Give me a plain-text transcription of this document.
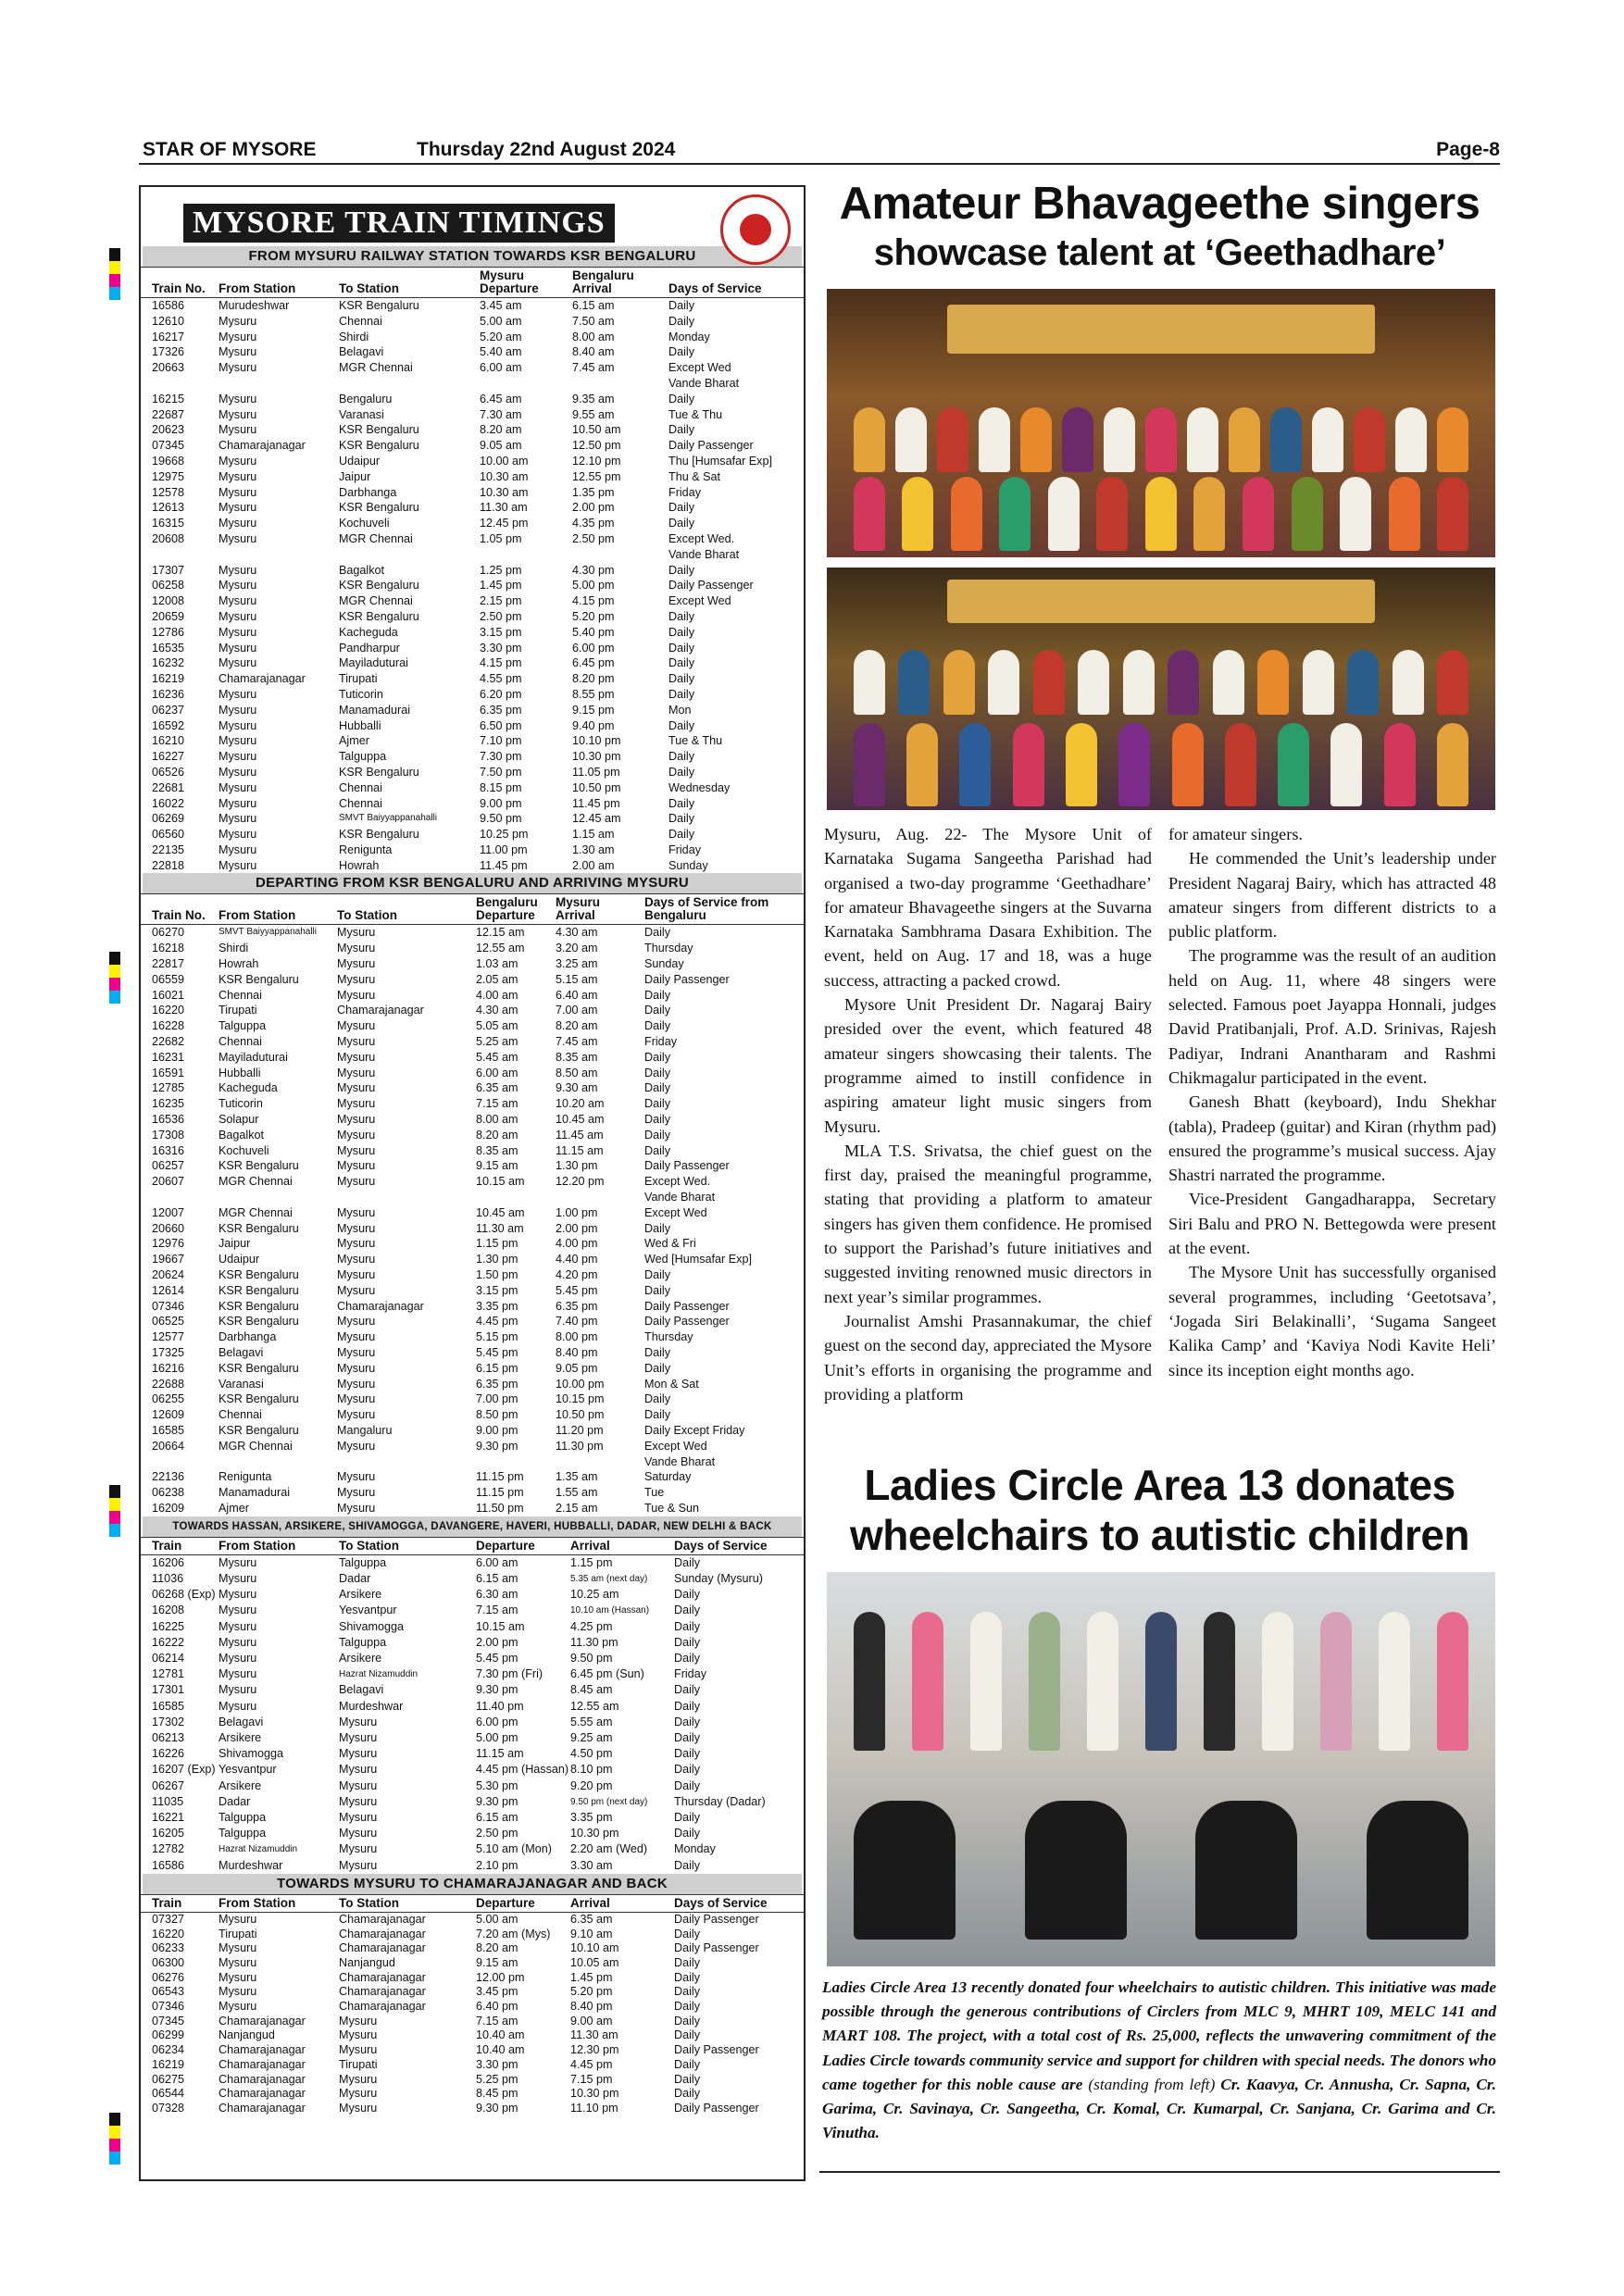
STAR OF MYSORE	Thursday 22nd August 2024	Page-8
MYSORE TRAIN TIMINGS
FROM MYSURU RAILWAY STATION TOWARDS KSR BENGALURU
Train No.	From Station	To Station	Mysuru Departure	Bengaluru Arrival	Days of Service
16586	Murudeshwar	KSR Bengaluru	3.45 am	6.15 am	Daily
12610	Mysuru	Chennai	5.00 am	7.50 am	Daily
16217	Mysuru	Shirdi	5.20 am	8.00 am	Monday
17326	Mysuru	Belagavi	5.40 am	8.40 am	Daily
20663	Mysuru	MGR Chennai	6.00 am	7.45 am	Except Wed
					Vande Bharat
16215	Mysuru	Bengaluru	6.45 am	9.35 am	Daily
22687	Mysuru	Varanasi	7.30 am	9.55 am	Tue & Thu
20623	Mysuru	KSR Bengaluru	8.20 am	10.50 am	Daily
07345	Chamarajanagar	KSR Bengaluru	9.05 am	12.50 pm	Daily Passenger
19668	Mysuru	Udaipur	10.00 am	12.10 pm	Thu [Humsafar Exp]
12975	Mysuru	Jaipur	10.30 am	12.55 pm	Thu & Sat
12578	Mysuru	Darbhanga	10.30 am	1.35 pm	Friday
12613	Mysuru	KSR Bengaluru	11.30 am	2.00 pm	Daily
16315	Mysuru	Kochuveli	12.45 pm	4.35 pm	Daily
20608	Mysuru	MGR Chennai	1.05 pm	2.50 pm	Except Wed.
					Vande Bharat
17307	Mysuru	Bagalkot	1.25 pm	4.30 pm	Daily
06258	Mysuru	KSR Bengaluru	1.45 pm	5.00 pm	Daily Passenger
12008	Mysuru	MGR Chennai	2.15 pm	4.15 pm	Except Wed
20659	Mysuru	KSR Bengaluru	2.50 pm	5.20 pm	Daily
12786	Mysuru	Kacheguda	3.15 pm	5.40 pm	Daily
16535	Mysuru	Pandharpur	3.30 pm	6.00 pm	Daily
16232	Mysuru	Mayiladuturai	4.15 pm	6.45 pm	Daily
16219	Chamarajanagar	Tirupati	4.55 pm	8.20 pm	Daily
16236	Mysuru	Tuticorin	6.20 pm	8.55 pm	Daily
06237	Mysuru	Manamadurai	6.35 pm	9.15 pm	Mon
16592	Mysuru	Hubballi	6.50 pm	9.40 pm	Daily
16210	Mysuru	Ajmer	7.10 pm	10.10 pm	Tue & Thu
16227	Mysuru	Talguppa	7.30 pm	10.30 pm	Daily
06526	Mysuru	KSR Bengaluru	7.50 pm	11.05 pm	Daily
22681	Mysuru	Chennai	8.15 pm	10.50 pm	Wednesday
16022	Mysuru	Chennai	9.00 pm	11.45 pm	Daily
06269	Mysuru	SMVT Baiyyappanahalli	9.50 pm	12.45 am	Daily
06560	Mysuru	KSR Bengaluru	10.25 pm	1.15 am	Daily
22135	Mysuru	Renigunta	11.00 pm	1.30 am	Friday
22818	Mysuru	Howrah	11.45 pm	2.00 am	Sunday
DEPARTING FROM KSR BENGALURU AND ARRIVING MYSURU
Train No.	From Station	To Station	Bengaluru Departure	Mysuru Arrival	Days of Service from Bengaluru
06270	SMVT Baiyyappanahalli	Mysuru	12.15 am	4.30 am	Daily
16218	Shirdi	Mysuru	12.55 am	3.20 am	Thursday
22817	Howrah	Mysuru	1.03 am	3.25 am	Sunday
06559	KSR Bengaluru	Mysuru	2.05 am	5.15 am	Daily Passenger
16021	Chennai	Mysuru	4.00 am	6.40 am	Daily
16220	Tirupati	Chamarajanagar	4.30 am	7.00 am	Daily
16228	Talguppa	Mysuru	5.05 am	8.20 am	Daily
22682	Chennai	Mysuru	5.25 am	7.45 am	Friday
16231	Mayiladuturai	Mysuru	5.45 am	8.35 am	Daily
16591	Hubballi	Mysuru	6.00 am	8.50 am	Daily
12785	Kacheguda	Mysuru	6.35 am	9.30 am	Daily
16235	Tuticorin	Mysuru	7.15 am	10.20 am	Daily
16536	Solapur	Mysuru	8.00 am	10.45 am	Daily
17308	Bagalkot	Mysuru	8.20 am	11.45 am	Daily
16316	Kochuveli	Mysuru	8.35 am	11.15 am	Daily
06257	KSR Bengaluru	Mysuru	9.15 am	1.30 pm	Daily Passenger
20607	MGR Chennai	Mysuru	10.15 am	12.20 pm	Except Wed.
					Vande Bharat
12007	MGR Chennai	Mysuru	10.45 am	1.00 pm	Except Wed
20660	KSR Bengaluru	Mysuru	11.30 am	2.00 pm	Daily
12976	Jaipur	Mysuru	1.15 pm	4.00 pm	Wed & Fri
19667	Udaipur	Mysuru	1.30 pm	4.40 pm	Wed [Humsafar Exp]
20624	KSR Bengaluru	Mysuru	1.50 pm	4.20 pm	Daily
12614	KSR Bengaluru	Mysuru	3.15 pm	5.45 pm	Daily
07346	KSR Bengaluru	Chamarajanagar	3.35 pm	6.35 pm	Daily Passenger
06525	KSR Bengaluru	Mysuru	4.45 pm	7.40 pm	Daily Passenger
12577	Darbhanga	Mysuru	5.15 pm	8.00 pm	Thursday
17325	Belagavi	Mysuru	5.45 pm	8.40 pm	Daily
16216	KSR Bengaluru	Mysuru	6.15 pm	9.05 pm	Daily
22688	Varanasi	Mysuru	6.35 pm	10.00 pm	Mon & Sat
06255	KSR Bengaluru	Mysuru	7.00 pm	10.15 pm	Daily
12609	Chennai	Mysuru	8.50 pm	10.50 pm	Daily
16585	KSR Bengaluru	Mangaluru	9.00 pm	11.20 pm	Daily Except Friday
20664	MGR Chennai	Mysuru	9.30 pm	11.30 pm	Except Wed
					Vande Bharat
22136	Renigunta	Mysuru	11.15 pm	1.35 am	Saturday
06238	Manamadurai	Mysuru	11.15 pm	1.55 am	Tue
16209	Ajmer	Mysuru	11.50 pm	2.15 am	Tue & Sun
TOWARDS HASSAN, ARSIKERE, SHIVAMOGGA, DAVANGERE, HAVERI, HUBBALLI, DADAR, NEW DELHI & BACK
Train	From Station	To Station	Departure	Arrival	Days of Service
16206	Mysuru	Talguppa	6.00 am	1.15 pm	Daily
11036	Mysuru	Dadar	6.15 am	5.35 am (next day)	Sunday (Mysuru)
06268 (Exp)	Mysuru	Arsikere	6.30 am	10.25 am	Daily
16208	Mysuru	Yesvantpur	7.15 am	10.10 am (Hassan)	Daily
16225	Mysuru	Shivamogga	10.15 am	4.25 pm	Daily
16222	Mysuru	Talguppa	2.00 pm	11.30 pm	Daily
06214	Mysuru	Arsikere	5.45 pm	9.50 pm	Daily
12781	Mysuru	Hazrat Nizamuddin	7.30 pm (Fri)	6.45 pm (Sun)	Friday
17301	Mysuru	Belagavi	9.30 pm	8.45 am	Daily
16585	Mysuru	Murdeshwar	11.40 pm	12.55 am	Daily
17302	Belagavi	Mysuru	6.00 pm	5.55 am	Daily
06213	Arsikere	Mysuru	5.00 pm	9.25 am	Daily
16226	Shivamogga	Mysuru	11.15 am	4.50 pm	Daily
16207 (Exp)	Yesvantpur	Mysuru	4.45 pm (Hassan)	8.10 pm	Daily
06267	Arsikere	Mysuru	5.30 pm	9.20 pm	Daily
11035	Dadar	Mysuru	9.30 pm	9.50 pm (next day)	Thursday (Dadar)
16221	Talguppa	Mysuru	6.15 am	3.35 pm	Daily
16205	Talguppa	Mysuru	2.50 pm	10.30 pm	Daily
12782	Hazrat Nizamuddin	Mysuru	5.10 am (Mon)	2.20 am (Wed)	Monday
16586	Murdeshwar	Mysuru	2.10 pm	3.30 am	Daily
TOWARDS MYSURU TO CHAMARAJANAGAR AND BACK
Train	From Station	To Station	Departure	Arrival	Days of Service
07327	Mysuru	Chamarajanagar	5.00 am	6.35 am	Daily Passenger
16220	Tirupati	Chamarajanagar	7.20 am (Mys)	9.10 am	Daily
06233	Mysuru	Chamarajanagar	8.20 am	10.10 am	Daily Passenger
06300	Mysuru	Nanjangud	9.15 am	10.05 am	Daily
06276	Mysuru	Chamarajanagar	12.00 pm	1.45 pm	Daily
06543	Mysuru	Chamarajanagar	3.45 pm	5.20 pm	Daily
07346	Mysuru	Chamarajanagar	6.40 pm	8.40 pm	Daily
07345	Chamarajanagar	Mysuru	7.15 am	9.00 am	Daily
06299	Nanjangud	Mysuru	10.40 am	11.30 am	Daily
06234	Chamarajanagar	Mysuru	10.40 am	12.30 pm	Daily Passenger
16219	Chamarajanagar	Tirupati	3.30 pm	4.45 pm	Daily
06275	Chamarajanagar	Mysuru	5.25 pm	7.15 pm	Daily
06544	Chamarajanagar	Mysuru	8.45 pm	10.30 pm	Daily
07328	Chamarajanagar	Mysuru	9.30 pm	11.10 pm	Daily Passenger
Amateur Bhavageethe singers
showcase talent at ‘Geethadhare’

Mysuru, Aug. 22- The Mysore Unit of Karnataka Sugama Sangeetha Parishad had organised a two-day programme ‘Geethadhare’ for amateur Bhavageethe singers at the Suvarna Karnataka Sambhrama Dasara Exhibition. The event, held on Aug. 17 and 18, was a huge success, attracting a packed crowd.

Mysore Unit President Dr. Nagaraj Bairy presided over the event, which featured 48 amateur singers showcasing their talents. The programme aimed to instill confidence in aspiring amateur light music singers from Mysuru.

MLA T.S. Srivatsa, the chief guest on the first day, praised the meaningful programme, stating that providing a platform to amateur singers has given them confidence. He promised to support the Parishad’s future initiatives and suggested inviting renowned music directors in next year’s similar programmes.

Journalist Amshi Prasannakumar, the chief guest on the second day, appreciated the Mysore Unit’s efforts in organising the programme and providing a platform

for amateur singers.

He commended the Unit’s leadership under President Nagaraj Bairy, which has attracted 48 amateur singers from different districts to a public platform.

The programme was the result of an audition held on Aug. 11, where 48 singers were selected. Famous poet Jayappa Honnali, judges David Pratibanjali, Prof. A.D. Srinivas, Rajesh Padiyar, Indrani Anantharam and Rashmi Chikmagalur participated in the event.

Ganesh Bhatt (keyboard), Indu Shekhar (tabla), Pradeep (guitar) and Kiran (rhythm pad) ensured the programme’s musical success. Ajay Shastri narrated the programme.

Vice-President Gangadharappa, Secretary Siri Balu and PRO N. Bettegowda were present at the event.

The Mysore Unit has successfully organised several programmes, including ‘Geetotsava’, ‘Jogada Siri Belakinalli’, ‘Sugama Sangeet Kalika Camp’ and ‘Kaviya Nodi Kavite Heli’ since its inception eight months ago.

Ladies Circle Area 13 donates
wheelchairs to autistic children
Ladies Circle Area 13 recently donated four wheelchairs to autistic children. This initiative was made possible through the generous contributions of Circlers from MLC 9, MHRT 109, MELC 141 and MART 108. The project, with a total cost of Rs. 25,000, reflects the unwavering commitment of the Ladies Circle towards community service and support for children with special needs. The donors who came together for this noble cause are (standing from left) Cr. Kaavya, Cr. Annusha, Cr. Sapna, Cr. Garima, Cr. Savinaya, Cr. Sangeetha, Cr. Komal, Cr. Kumarpal, Cr. Sanjana, Cr. Garima and Cr. Vinutha.
